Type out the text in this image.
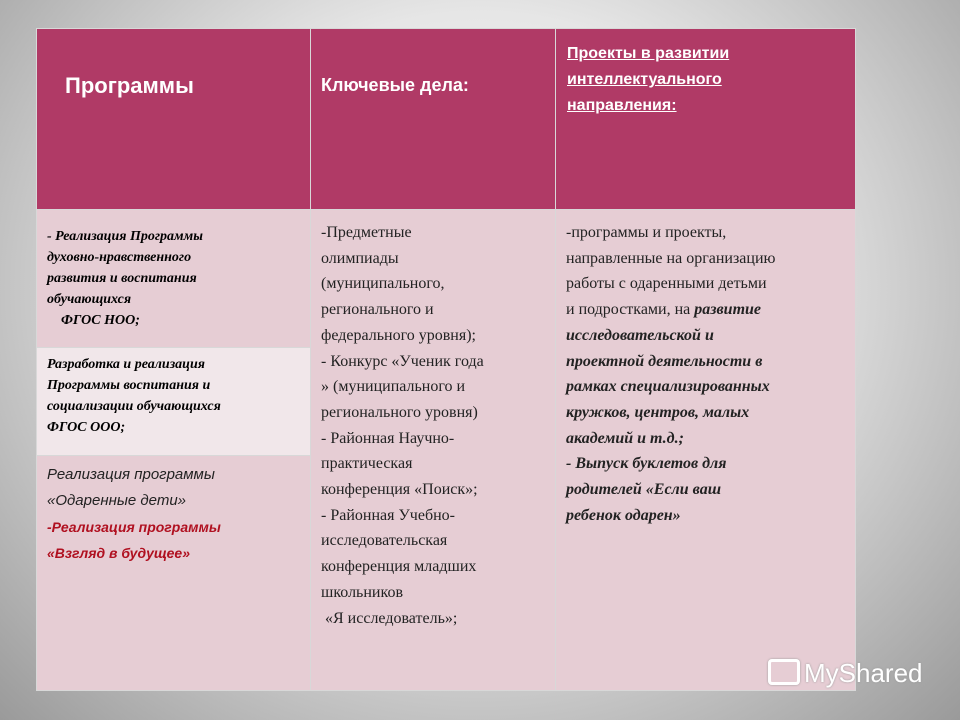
Программы	Ключевые дела:
Проекты в развитии
интеллектуального
направления:
- Реализация Программы
духовно-нравственного
развития и воспитания
обучающихся
ФГОС НОО;
Разработка и реализация
Программы воспитания и
социализации обучающихся
ФГОС ООО;
Реализация программы
«Одаренные дети»
-Реализация программы
«Взгляд в будущее»
-Предметные
олимпиады
(муниципального,
регионального и
федерального уровня);
- Конкурс «Ученик года
» (муниципального и
регионального уровня)
- Районная Научно-
практическая
конференция «Поиск»;
- Районная Учебно-
исследовательская
конференция младших
школьников
«Я исследователь»;
-программы и проекты,
направленные на организацию
работы с одаренными детьми
и подростками, на развитие
исследовательской и
проектной деятельности в
рамках специализированных
кружков, центров, малых
академий и т.д.;
- Выпуск буклетов для
родителей «Если ваш
ребенок одарен»
MyShared
